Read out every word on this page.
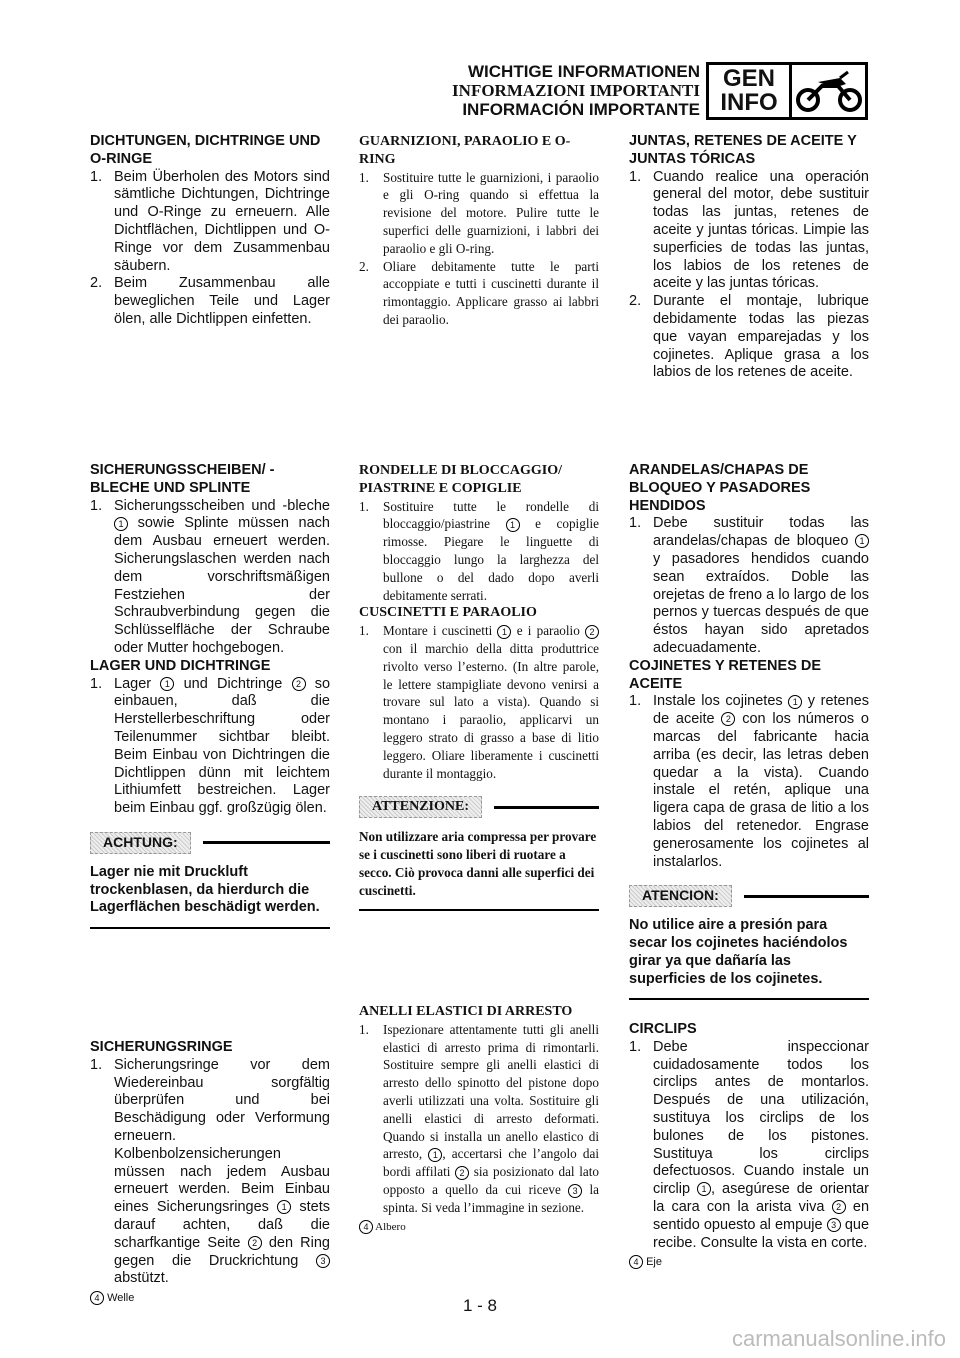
WICHTIGE INFORMATIONEN
INFORMAZIONI IMPORTANTI
INFORMACIÓN IMPORTANTE
GEN
INFO

DICHTUNGEN, DICHTRINGE UND O-RINGE

1. Beim Überholen des Motors sind sämtliche Dichtungen, Dichtringe und O-Ringe zu erneuern. Alle Dichtflächen, Dichtlippen und O-Ringe vor dem Zusammenbau säubern.
2. Beim Zusammenbau alle beweglichen Teile und Lager ölen, alle Dichtlippen einfetten.

SICHERUNGSSCHEIBEN/ -BLECHE UND SPLINTE

1. Sicherungsscheiben und -bleche 1 sowie Splinte müssen nach dem Ausbau erneuert werden. Sicherungslaschen werden nach dem vorschriftsmäßigen Festziehen der Schraubverbindung gegen die Schlüsselfläche der Schraube oder Mutter hochgebogen.

LAGER UND DICHTRINGE

1. Lager 1 und Dichtringe 2 so einbauen, daß die Herstellerbeschriftung oder Teilenummer sichtbar bleibt. Beim Einbau von Dichtringen die Dichtlippen dünn mit leichtem Lithiumfett bestreichen. Lager beim Einbau ggf. großzügig ölen.
ACHTUNG:
Lager nie mit Druckluft trockenblasen, da hierdurch die Lagerflächen beschädigt werden.

SICHERUNGSRINGE

1. Sicherungsringe vor dem Wiedereinbau sorgfältig überprüfen und bei Beschädigung oder Verformung erneuern. Kolbenbolzensicherungen müssen nach jedem Ausbau erneuert werden. Beim Einbau eines Sicherungsringes 1 stets darauf achten, daß die scharfkantige Seite 2 den Ring gegen die Druckrichtung 3 abstützt.
4 Welle

GUARNIZIONI, PARAOLIO E O-RING

1.	Sostituire tutte le guarnizioni, i paraolio e gli O-ring quando si effettua la revisione del motore. Pulire tutte le superfici delle guarnizioni, i labbri dei paraolio e gli O-ring.
2.	Oliare debitamente tutte le parti accoppiate e tutti i cuscinetti durante il rimontaggio. Applicare grasso ai labbri dei paraolio.

RONDELLE DI BLOCCAGGIO/ PIASTRINE E COPIGLIE

1.	Sostituire tutte le rondelle di bloccaggio/piastrine 1 e copiglie rimosse. Piegare le linguette di bloccaggio lungo la larghezza del bullone o del dado dopo averli debitamente serrati.

CUSCINETTI E PARAOLIO

1.	Montare i cuscinetti 1 e i paraolio 2 con il marchio della ditta produttrice rivolto verso l’esterno. (In altre parole, le lettere stampigliate devono venirsi a trovare sul lato a vista). Quando si montano i paraolio, applicarvi un leggero strato di grasso a base di litio leggero. Oliare liberamente i cuscinetti durante il montaggio.
ATTENZIONE:
Non utilizzare aria compressa per provare se i cuscinetti sono liberi di ruotare a secco. Ciò provoca danni alle superfici dei cuscinetti.

ANELLI ELASTICI DI ARRESTO

1.	Ispezionare attentamente tutti gli anelli elastici di arresto prima di rimontarli. Sostituire sempre gli anelli elastici di arresto dello spinotto del pistone dopo averli utilizzati una volta. Sostituire gli anelli elastici di arresto deformati. Quando si installa un anello elastico di arresto, 1 , accertarsi che l’angolo dai bordi affilati 2 sia posizionato dal lato opposto a quello da cui riceve 3 la spinta. Si veda l’immagine in sezione.
4 Albero

JUNTAS, RETENES DE ACEITE Y JUNTAS TÓRICAS

1. Cuando realice una operación general del motor, debe sustituir todas las juntas, retenes de aceite y juntas tóricas. Limpie las superficies de todas las juntas, los labios de los retenes de aceite y las juntas tóricas.
2. Durante el montaje, lubrique debidamente todas las piezas que vayan emparejadas y los cojinetes. Aplique grasa a los labios de los retenes de aceite.

ARANDELAS/CHAPAS DE BLOQUEO Y PASADORES HENDIDOS

1. Debe sustituir todas las arandelas/chapas de bloqueo 1 y pasadores hendidos cuando sean extraídos. Doble las orejetas de freno a lo largo de los pernos y tuercas después de que éstos hayan sido apretados adecuadamente.

COJINETES Y RETENES DE ACEITE

1. Instale los cojinetes 1 y retenes de aceite 2 con los números o marcas del fabricante hacia arriba (es decir, las letras deben quedar a la vista). Cuando instale el retén, aplique una ligera capa de grasa de litio a los labios del retenedor. Engrase generosamente los cojinetes al instalarlos.
ATENCION:
No utilice aire a presión para secar los cojinetes haciéndolos girar ya que dañaría las superficies de los cojinetes.

CIRCLIPS

1. Debe inspeccionar cuidadosamente todos los circlips antes de montarlos. Después de una utilización, sustituya los circlips de los bulones de los pistones. Sustituya los circlips defectuosos. Cuando instale un circlip 1 , asegúrese de orientar la cara con la arista viva 2 en sentido opuesto al empuje 3 que recibe. Consulte la vista en corte.
4 Eje
1 - 8
carmanualsonline.info
